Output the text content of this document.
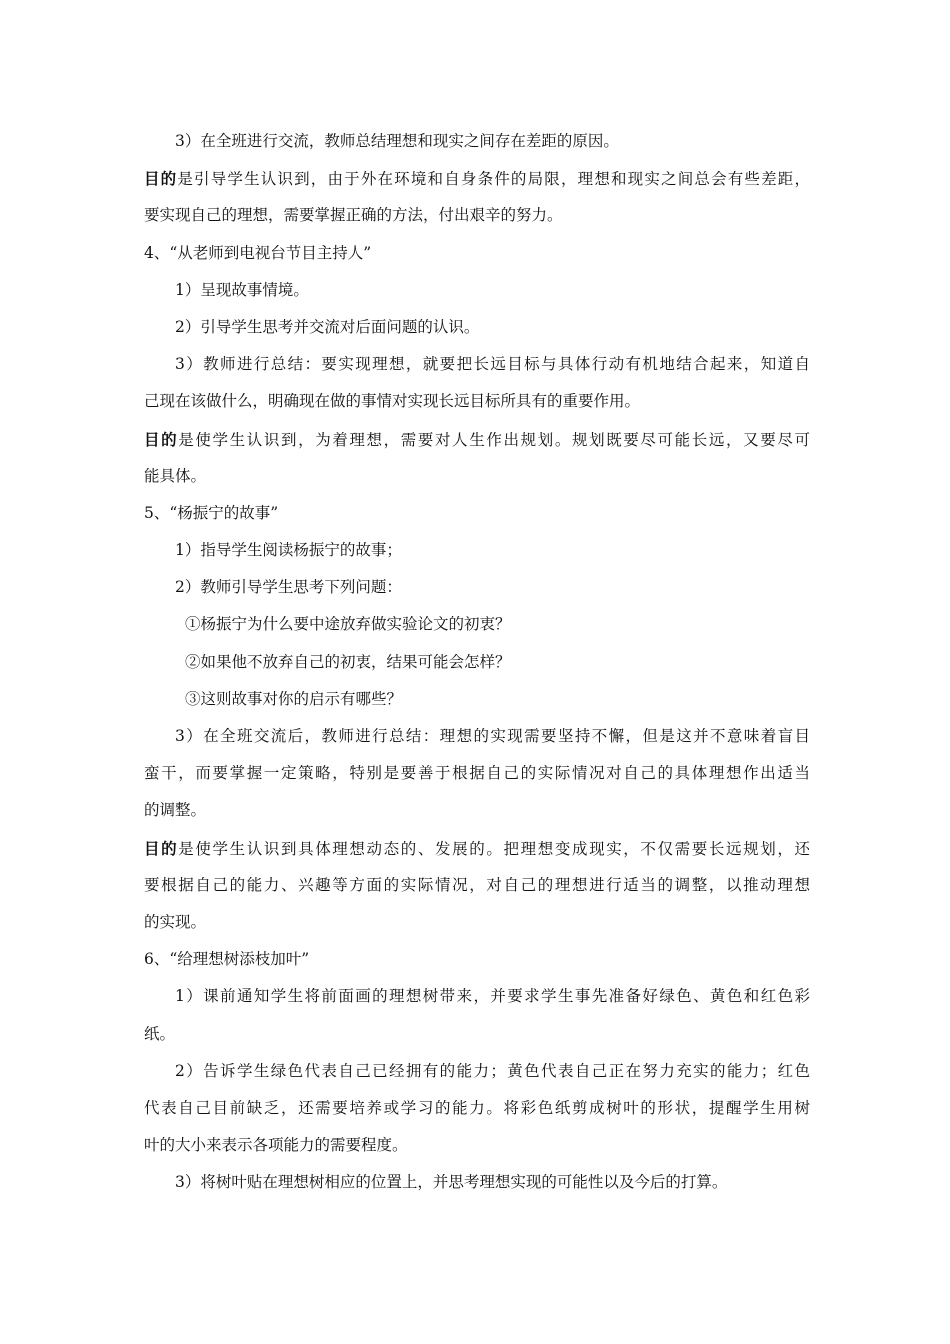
3）在全班进行交流，教师总结理想和现实之间存在差距的原因。
目的是引导学生认识到，由于外在环境和自身条件的局限，理想和现实之间总会有些差距，
要实现自己的理想，需要掌握正确的方法，付出艰辛的努力。
4、“从老师到电视台节目主持人”
1）呈现故事情境。
2）引导学生思考并交流对后面问题的认识。
3）教师进行总结：要实现理想，就要把长远目标与具体行动有机地结合起来，知道自
己现在该做什么，明确现在做的事情对实现长远目标所具有的重要作用。
目的是使学生认识到，为着理想，需要对人生作出规划。规划既要尽可能长远，又要尽可
能具体。
5、“杨振宁的故事”
1）指导学生阅读杨振宁的故事；
2）教师引导学生思考下列问题：
①杨振宁为什么要中途放弃做实验论文的初衷？
②如果他不放弃自己的初衷，结果可能会怎样？
③这则故事对你的启示有哪些？
3）在全班交流后，教师进行总结：理想的实现需要坚持不懈，但是这并不意味着盲目
蛮干，而要掌握一定策略，特别是要善于根据自己的实际情况对自己的具体理想作出适当
的调整。
目的是使学生认识到具体理想动态的、发展的。把理想变成现实，不仅需要长远规划，还
要根据自己的能力、兴趣等方面的实际情况，对自己的理想进行适当的调整，以推动理想
的实现。
6、“给理想树添枝加叶”
1）课前通知学生将前面画的理想树带来，并要求学生事先准备好绿色、黄色和红色彩
纸。
2）告诉学生绿色代表自己已经拥有的能力；黄色代表自己正在努力充实的能力；红色
代表自己目前缺乏，还需要培养或学习的能力。将彩色纸剪成树叶的形状，提醒学生用树
叶的大小来表示各项能力的需要程度。
3）将树叶贴在理想树相应的位置上，并思考理想实现的可能性以及今后的打算。
